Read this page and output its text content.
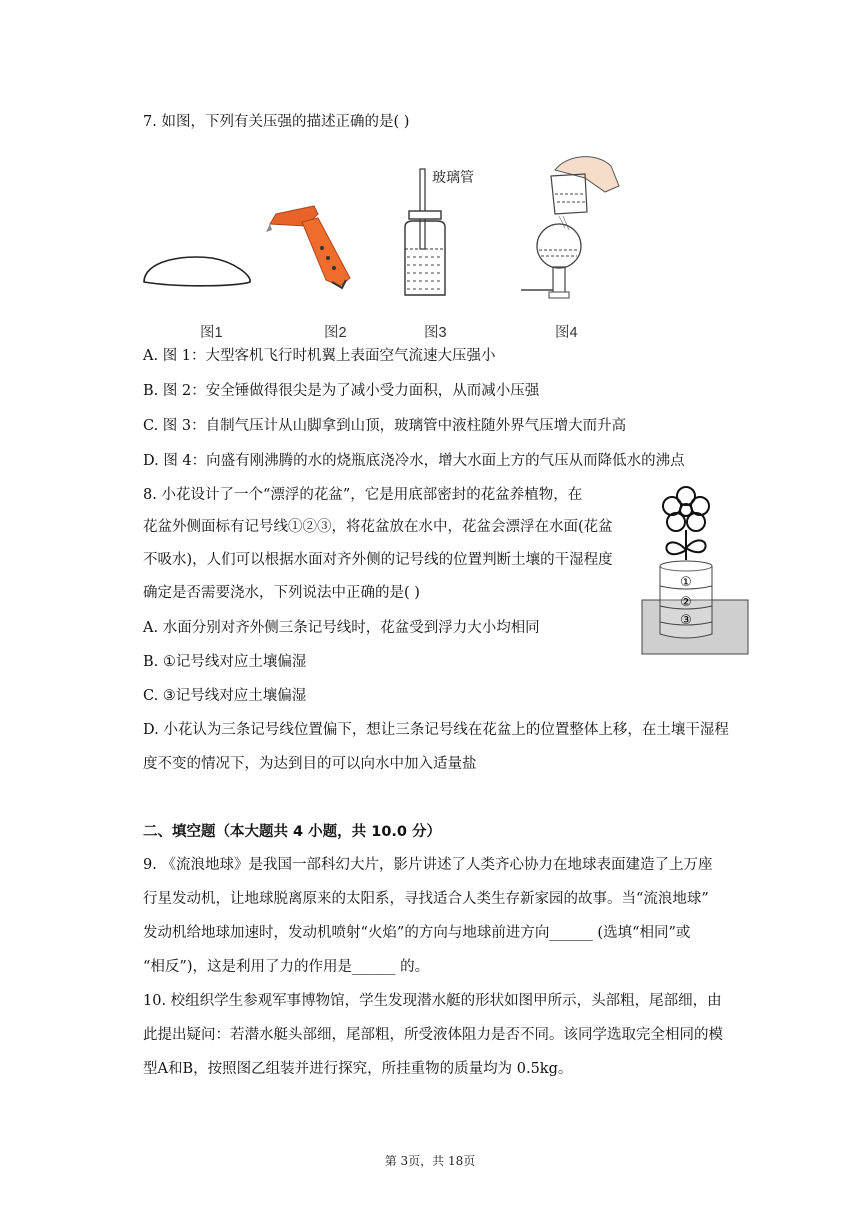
7. 如图，下列有关压强的描述正确的是( )
玻璃管
图1	图2	图3	图4
A. 图 1：大型客机飞行时机翼上表面空气流速大压强小
B. 图 2：安全锤做得很尖是为了减小受力面积，从而减小压强
C. 图 3：自制气压计从山脚拿到山顶，玻璃管中液柱随外界气压增大而升高
D. 图 4：向盛有刚沸腾的水的烧瓶底浇冷水，增大水面上方的气压从而降低水的沸点
8. 小花设计了一个“漂浮的花盆”，它是用底部密封的花盆养植物，在
花盆外侧面标有记号线①②③，将花盆放在水中，花盆会漂浮在水面(花盆
不吸水)，人们可以根据水面对齐外侧的记号线的位置判断土壤的干湿程度
确定是否需要浇水，下列说法中正确的是( )
①
②
③
A. 水面分别对齐外侧三条记号线时，花盆受到浮力大小均相同
B. ①记号线对应土壤偏湿
C. ③记号线对应土壤偏湿
D. 小花认为三条记号线位置偏下，想让三条记号线在花盆上的位置整体上移，在土壤干湿程
度不变的情况下，为达到目的可以向水中加入适量盐
二、填空题（本大题共 4 小题，共 10.0 分）
9. 《流浪地球》是我国一部科幻大片，影片讲述了人类齐心协力在地球表面建造了上万座
行星发动机，让地球脱离原来的太阳系，寻找适合人类生存新家园的故事。当“流浪地球”
发动机给地球加速时，发动机喷射“火焰”的方向与地球前进方向______ (选填“相同”或
“相反”)，这是利用了力的作用是______ 的。
10. 校组织学生参观军事博物馆，学生发现潜水艇的形状如图甲所示，头部粗，尾部细，由
此提出疑问：若潜水艇头部细，尾部粗，所受液体阻力是否不同。该同学选取完全相同的模
型A和B，按照图乙组装并进行探究，所挂重物的质量均为 0.5kg。
第 3页，共 18页
